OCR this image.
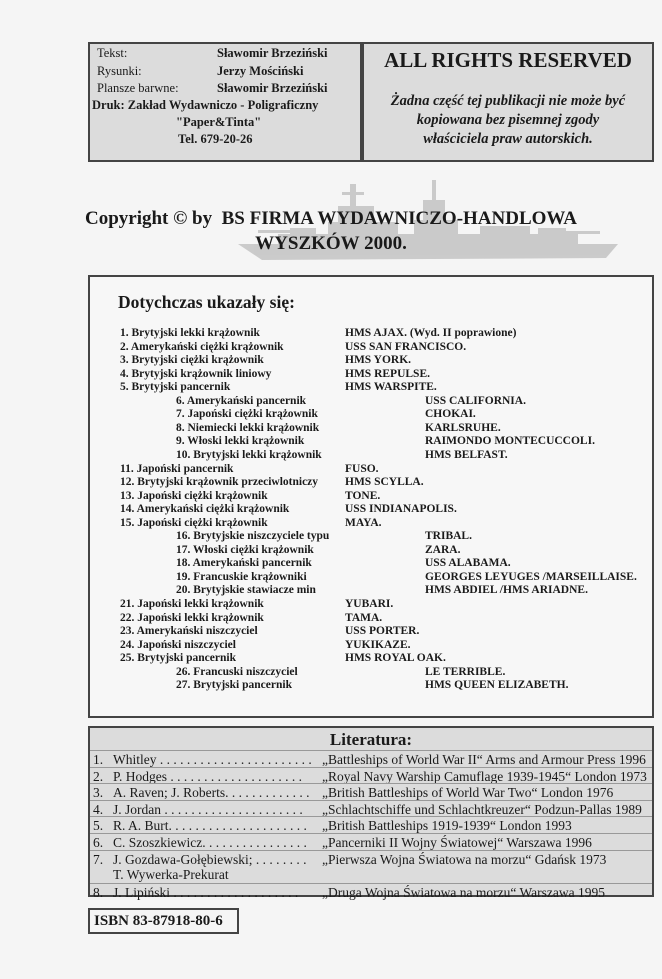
Tekst:	Sławomir Brzeziński
Rysunki:	Jerzy Mościński
Plansze barwne:	Sławomir Brzeziński
Druk: Zakład Wydawniczo - Poligraficzny
"Paper&Tinta"
Tel. 679-20-26
ALL RIGHTS RESERVED
Żadna część tej publikacji nie może być
kopiowana bez pisemnej zgody
właściciela praw autorskich.
Copyright © by  BS FIRMA WYDAWNICZO-HANDLOWA
WYSZKÓW 2000.
Dotychczas ukazały się:
1. Brytyjski lekki krążownik	HMS AJAX. (Wyd. II poprawione)
2. Amerykański ciężki krążownik	USS SAN FRANCISCO.
3. Brytyjski ciężki krążownik	HMS YORK.
4. Brytyjski krążownik liniowy	HMS REPULSE.
5. Brytyjski pancernik	HMS WARSPITE.
6. Amerykański pancernik	USS CALIFORNIA.
7. Japoński ciężki krążownik	CHOKAI.
8. Niemiecki lekki krążownik	KARLSRUHE.
9. Włoski lekki krążownik	RAIMONDO MONTECUCCOLI.
10. Brytyjski lekki krążownik	HMS BELFAST.
11. Japoński pancernik	FUSO.
12. Brytyjski krążownik przeciwlotniczy HMS SCYLLA.
13. Japoński ciężki krążownik	TONE.
14. Amerykański ciężki krążownik	USS INDIANAPOLIS.
15. Japoński ciężki krążownik	MAYA.
16. Brytyjskie niszczyciele typu	TRIBAL.
17. Włoski ciężki krążownik	ZARA.
18. Amerykański pancernik	USS ALABAMA.
19. Francuskie krążowniki	GEORGES LEYUGES /MARSEILLAISE.
20. Brytyjskie stawiacze min	HMS ABDIEL /HMS ARIADNE.
21. Japoński lekki krążownik	YUBARI.
22. Japoński lekki krążownik	TAMA.
23. Amerykański niszczyciel	USS PORTER.
24. Japoński niszczyciel	YUKIKAZE.
25. Brytyjski pancernik	HMS ROYAL OAK.
26. Francuski niszczyciel	LE TERRIBLE.
27. Brytyjski pancernik	HMS QUEEN ELIZABETH.
Literatura:
1. Whitley . . . . . . . . . . . . . . . . . . . . . . . „Battleships of World War II“ Arms and Armour Press 1996
2. P. Hodges . . . . . . . . . . . . . . . . . . . . „Royal Navy Warship Camuflage 1939-1945“ London 1973
3. A. Raven; J. Roberts. . . . . . . . . . . . . „British Battleships of World War Two“ London 1976
4. J. Jordan . . . . . . . . . . . . . . . . . . . . . „Schlachtschiffe und Schlachtkreuzer“ Podzun-Pallas 1989
5. R. A. Burt. . . . . . . . . . . . . . . . . . . . . „British Battleships 1919-1939“ London 1993
6. C. Szoszkiewicz. . . . . . . . . . . . . . . . „Pancerniki II Wojny Światowej“ Warszawa 1996
7. J. Gozdawa-Gołębiewski; . . . . . . . . „Pierwsza Wojna Światowa na morzu“ Gdańsk 1973
T. Wywerka-Prekurat
8. J. Lipiński . . . . . . . . . . . . . . . . . . . „Druga Wojna Światowa na morzu“ Warszawa 1995
ISBN 83-87918-80-6
